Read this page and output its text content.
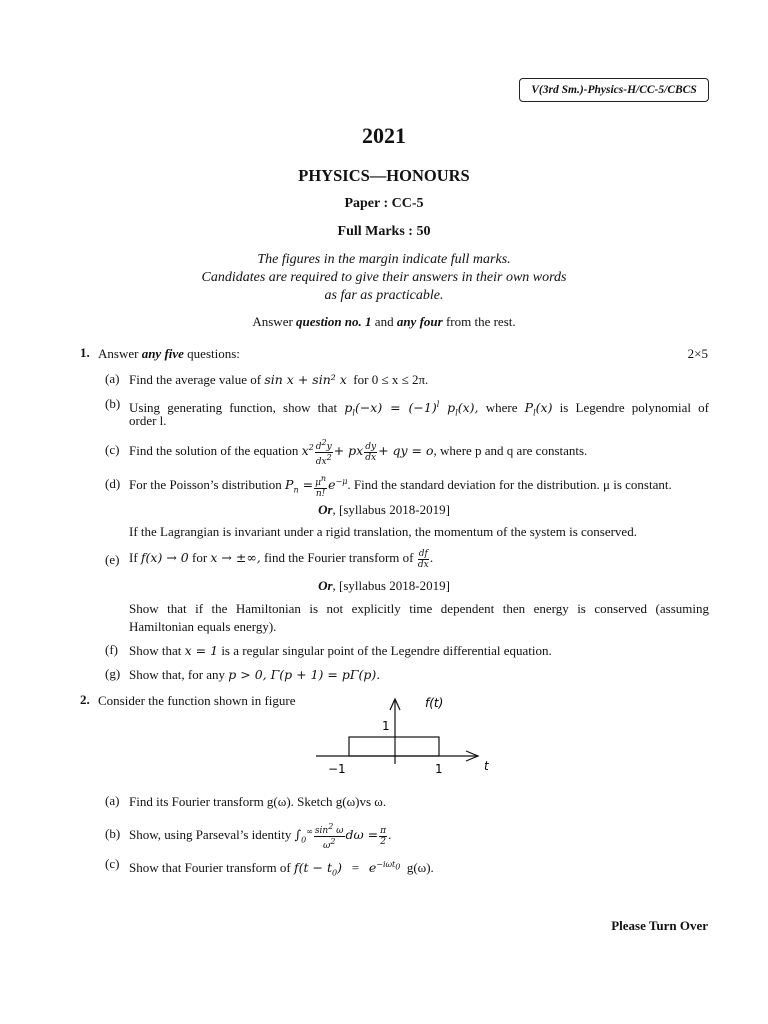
V(3rd Sm.)-Physics-H/CC-5/CBCS
2021
PHYSICS—HONOURS
Paper : CC-5
Full Marks : 50
The figures in the margin indicate full marks.
Candidates are required to give their answers in their own words
as far as practicable.
Answer question no. 1 and any four from the rest.
1. Answer any five questions:	2×5
(a) Find the average value of sin x + sin² x for 0 ≤ x ≤ 2π.
(b) Using generating function, show that $p_l(-x) = (-1)^l$ $p_l(x)$, where $P_l(x)$ is Legendre polynomial of
order l.
(c) Find the solution of the equation $x^2 \frac{d^2y}{dx^2}$ + px $\frac{dy}{dx}$ + qy = o, where p and q are constants.
(d) For the Poisson’s distribution $P_n = \frac{\mu^n}{n!} e^{-\mu}$. Find the standard deviation for the distribution. μ is constant.
Or, [syllabus 2018-2019]
If the Lagrangian is invariant under a rigid translation, the momentum of the system is conserved.
(e) If f(x) → 0 for x → ±∞, find the Fourier transform of $\frac{df}{dx}$ .
Or, [syllabus 2018-2019]
Show that if the Hamiltonian is not explicitly time dependent then energy is conserved (assuming
Hamiltonian equals energy).
(f) Show that x = 1 is a regular singular point of the Legendre differential equation.
(g) Show that, for any p > 0, Γ(p + 1) = pΓ(p).
2. Consider the function shown in figure	f(t)
1
−1	1	t
(a) Find its Fourier transform g(ω). Sketch g(ω)vs ω.
(b) Show, using Parseval’s identity $\int_0^\infty \frac{\sin^2 \omega}{\omega^2}$ $d\omega = \frac{\pi}{2}$ .
(c) Show that Fourier transform of $f(t - t_0) = e^{-i\omega t_0}$  g(ω).
Please Turn Over
